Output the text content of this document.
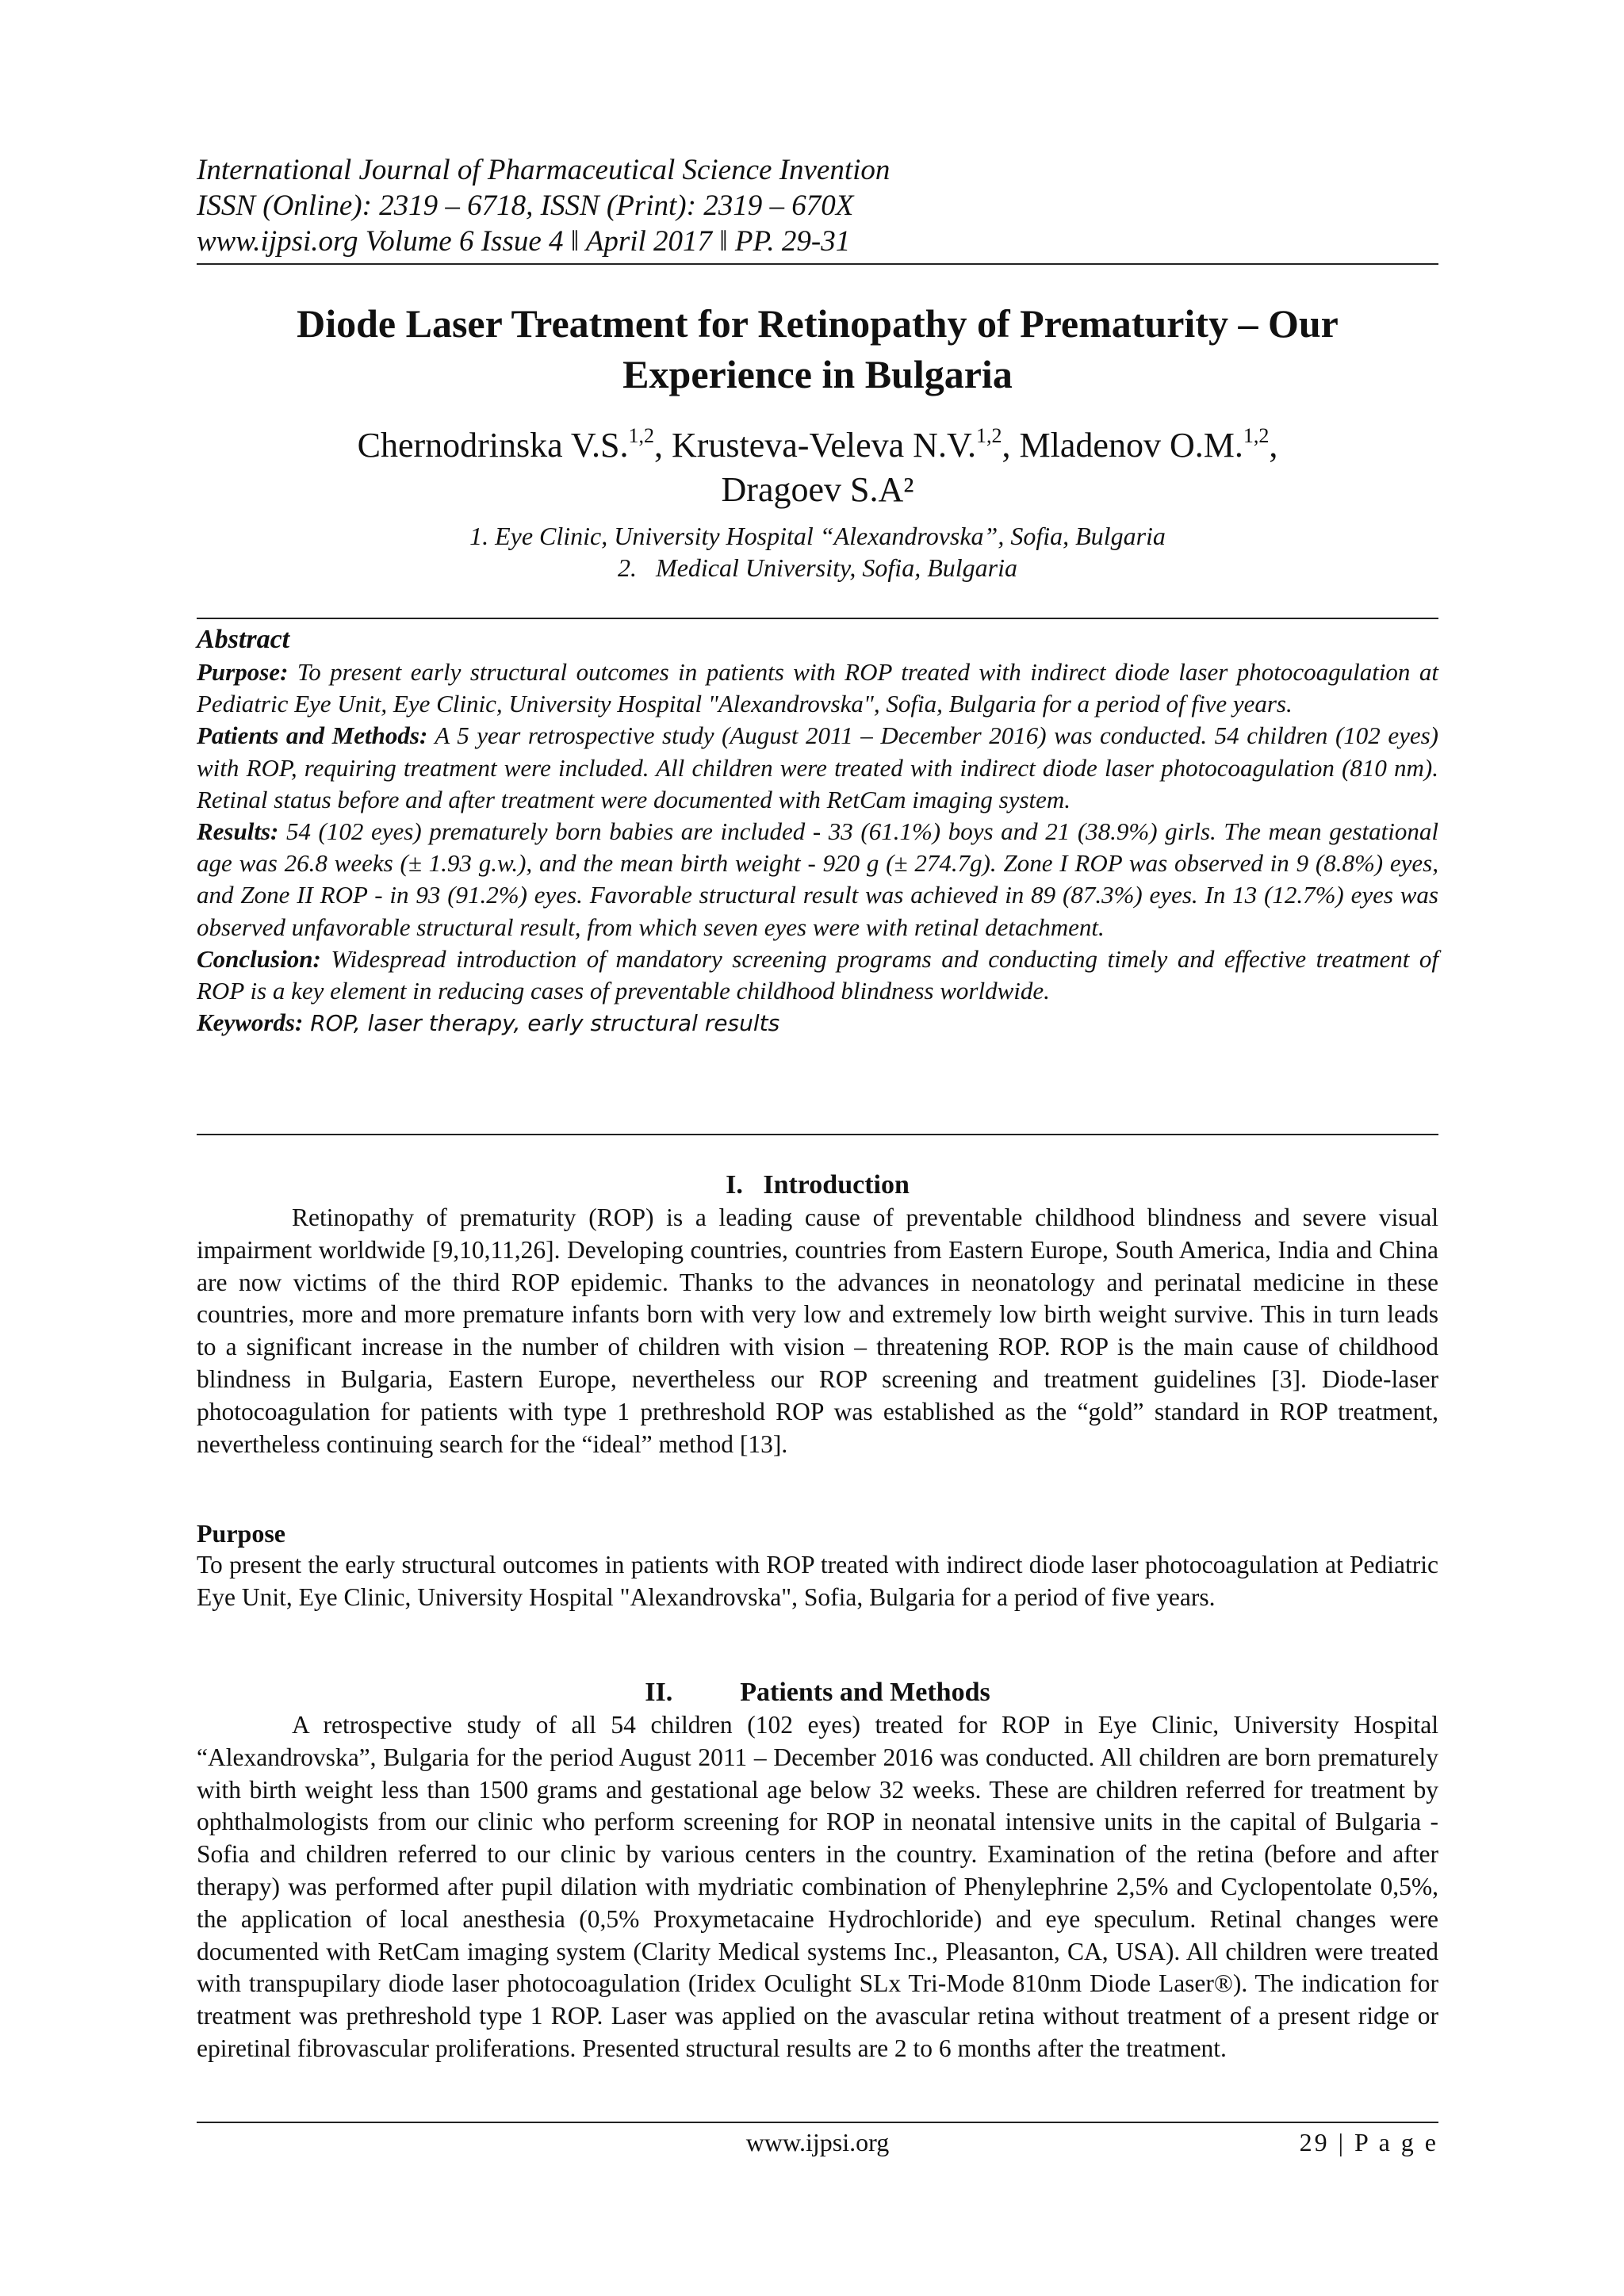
International Journal of Pharmaceutical Science Invention
ISSN (Online): 2319 – 6718, ISSN (Print): 2319 – 670X
www.ijpsi.org Volume 6 Issue 4 ǁ April 2017 ǁ PP. 29-31
Diode Laser Treatment for Retinopathy of Prematurity – Our
Experience in Bulgaria
Chernodrinska V.S.$^{1,2}$, Krusteva-Veleva N.V.$^{1,2}$, Mladenov O.M.$^{1,2}$,
Dragoev S.A²
1. Eye Clinic, University Hospital “Alexandrovska”, Sofia, Bulgaria
2.   Medical University, Sofia, Bulgaria
Abstract

Purpose: To present early structural outcomes in patients with ROP treated with indirect diode laser photocoagulation at Pediatric Eye Unit, Eye Clinic, University Hospital "Alexandrovska", Sofia, Bulgaria for a period of five years.

Patients and Methods: A 5 year retrospective study (August 2011 – December 2016) was conducted. 54 children (102 eyes) with ROP, requiring treatment were included. All children were treated with indirect diode laser photocoagulation (810 nm). Retinal status before and after treatment were documented with RetCam imaging system.

Results: 54 (102 eyes) prematurely born babies are included - 33 (61.1%) boys and 21 (38.9%) girls. The mean gestational age was 26.8 weeks (± 1.93 g.w.), and the mean birth weight - 920 g (± 274.7g). Zone I ROP was observed in 9 (8.8%) eyes, and Zone II ROP - in 93 (91.2%) eyes. Favorable structural result was achieved in 89 (87.3%) eyes. In 13 (12.7%) eyes was observed unfavorable structural result, from which seven eyes were with retinal detachment.

Conclusion: Widespread introduction of mandatory screening programs and conducting timely and effective treatment of ROP is a key element in reducing cases of preventable childhood blindness worldwide.

Keywords: ROP, laser therapy, early structural results

I.   Introduction

Retinopathy of prematurity (ROP) is a leading cause of preventable childhood blindness and severe visual impairment worldwide [9,10,11,26]. Developing countries, countries from Eastern Europe, South America, India and China are now victims of the third ROP epidemic. Thanks to the advances in neonatology and perinatal medicine in these countries, more and more premature infants born with very low and extremely low birth weight survive. This in turn leads to a significant increase in the number of children with vision – threatening ROP. ROP is the main cause of childhood blindness in Bulgaria, Eastern Europe, nevertheless our ROP screening and treatment guidelines [3]. Diode-laser photocoagulation for patients with type 1 prethreshold ROP was established as the “gold” standard in ROP treatment, nevertheless continuing search for the “ideal” method [13].

Purpose

To present the early structural outcomes in patients with ROP treated with indirect diode laser photocoagulation at Pediatric Eye Unit, Eye Clinic, University Hospital "Alexandrovska", Sofia, Bulgaria for a period of five years.

II.          Patients and Methods

A retrospective study of all 54 children (102 eyes) treated for ROP in Eye Clinic, University Hospital “Alexandrovska”, Bulgaria for the period August 2011 – December 2016 was conducted. All children are born prematurely with birth weight less than 1500 grams and gestational age below 32 weeks. These are children referred for treatment by ophthalmologists from our clinic who perform screening for ROP in neonatal intensive units in the capital of Bulgaria - Sofia and children referred to our clinic by various centers in the country. Examination of the retina (before and after therapy) was performed after pupil dilation with mydriatic combination of Phenylephrine 2,5% and Cyclopentolate 0,5%, the application of local anesthesia (0,5% Proxymetacaine Hydrochloride) and eye speculum. Retinal changes were documented with RetCam imaging system (Clarity Medical systems Inc., Pleasanton, CA, USA). All children were treated with transpupilary diode laser photocoagulation (Iridex Oculight SLx Tri-Mode 810nm Diode Laser®). The indication for treatment was prethreshold type 1 ROP. Laser was applied on the avascular retina without treatment of a present ridge or epiretinal fibrovascular proliferations. Presented structural results are 2 to 6 months after the treatment.

www.ijpsi.org	29 | P a g e
